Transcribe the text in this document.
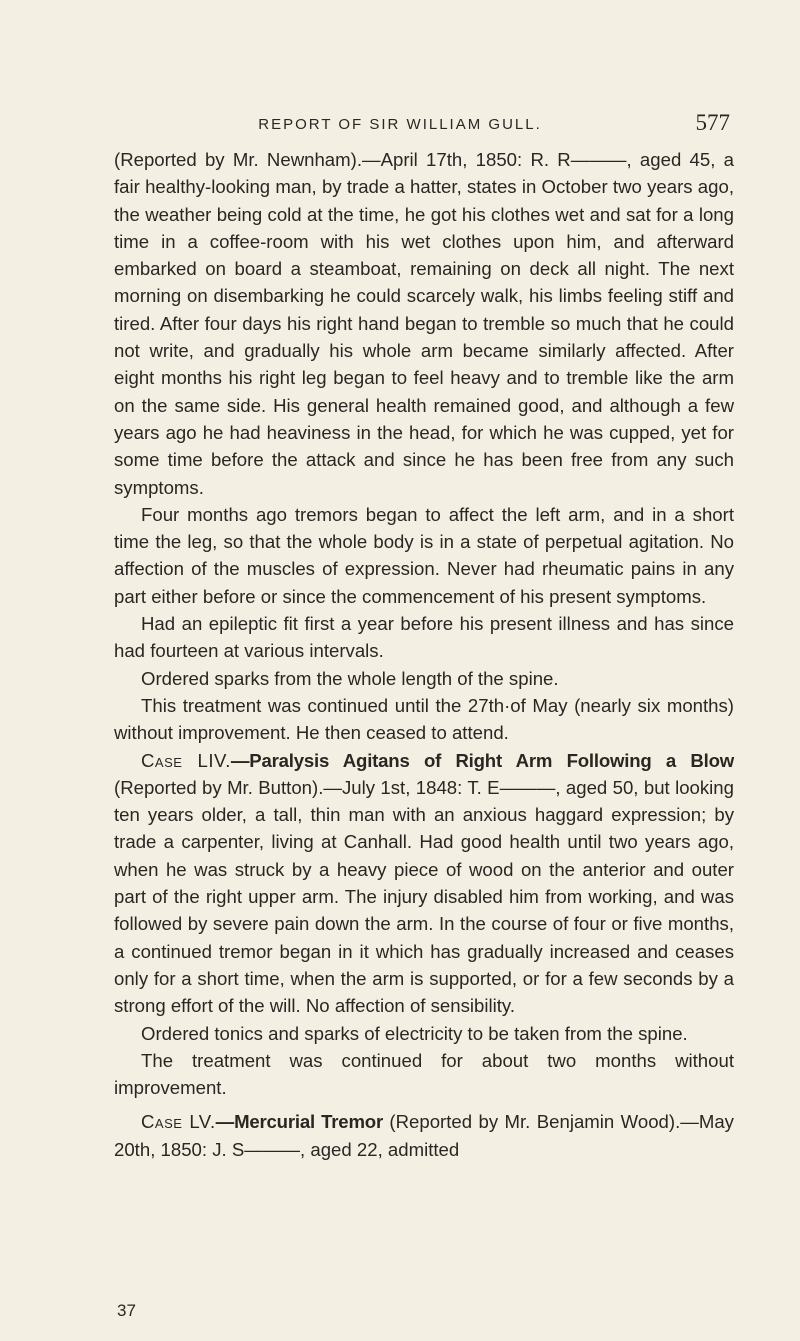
REPORT OF SIR WILLIAM GULL.	577

(Reported by Mr. Newnham).—April 17th, 1850: R. R———, aged 45, a fair healthy-looking man, by trade a hatter, states in October two years ago, the weather being cold at the time, he got his clothes wet and sat for a long time in a coffee-room with his wet clothes upon him, and afterward embarked on board a steamboat, remaining on deck all night. The next morning on disembarking he could scarcely walk, his limbs feeling stiff and tired. After four days his right hand began to tremble so much that he could not write, and gradually his whole arm became similarly affected. After eight months his right leg began to feel heavy and to tremble like the arm on the same side. His general health remained good, and although a few years ago he had heaviness in the head, for which he was cupped, yet for some time before the attack and since he has been free from any such symptoms.

Four months ago tremors began to affect the left arm, and in a short time the leg, so that the whole body is in a state of perpetual agitation. No affection of the muscles of expression. Never had rheumatic pains in any part either before or since the commencement of his present symptoms.

Had an epileptic fit first a year before his present illness and has since had fourteen at various intervals.

Ordered sparks from the whole length of the spine.

This treatment was continued until the 27th·of May (nearly six months) without improvement. He then ceased to attend.

Case LIV.—Paralysis Agitans of Right Arm Following a Blow (Reported by Mr. Button).—July 1st, 1848: T. E———, aged 50, but looking ten years older, a tall, thin man with an anxious haggard expression; by trade a carpenter, living at Canhall. Had good health until two years ago, when he was struck by a heavy piece of wood on the anterior and outer part of the right upper arm. The injury disabled him from working, and was followed by severe pain down the arm. In the course of four or five months, a continued tremor began in it which has gradually increased and ceases only for a short time, when the arm is supported, or for a few seconds by a strong effort of the will. No affection of sensibility.

Ordered tonics and sparks of electricity to be taken from the spine.

The treatment was continued for about two months without improvement.

Case LV.—Mercurial Tremor (Reported by Mr. Benjamin Wood).—May 20th, 1850: J. S———, aged 22, admitted

37
